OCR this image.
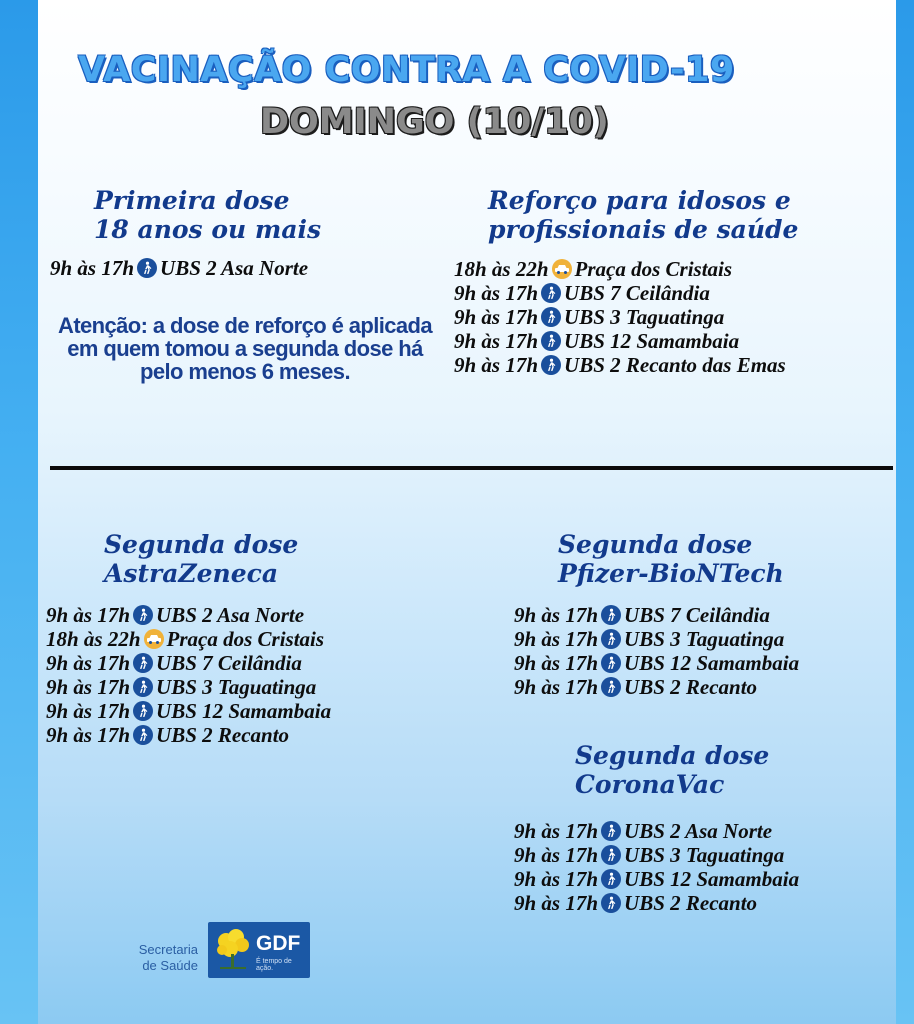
VACINAÇÃO CONTRA A COVID-19
DOMINGO (10/10)
Primeira dose
18 anos ou mais
9h às 17h UBS 2 Asa Norte
Atenção: a dose de reforço é aplicada em quem tomou a segunda dose há pelo menos 6 meses.
Reforço para idosos e
profissionais de saúde
18h às 22h Praça dos Cristais
9h às 17h UBS 7 Ceilândia
9h às 17h UBS 3 Taguatinga
9h às 17h UBS 12 Samambaia
9h às 17h UBS 2 Recanto das Emas
Segunda dose
AstraZeneca
9h às 17h UBS 2 Asa Norte
18h às 22h Praça dos Cristais
9h às 17h UBS 7 Ceilândia
9h às 17h UBS 3 Taguatinga
9h às 17h UBS 12 Samambaia
9h às 17h UBS 2 Recanto
Segunda dose
Pfizer-BioNTech
9h às 17h UBS 7 Ceilândia
9h às 17h UBS 3 Taguatinga
9h às 17h UBS 12 Samambaia
9h às 17h UBS 2 Recanto
Segunda dose
CoronaVac
9h às 17h UBS 2 Asa Norte
9h às 17h UBS 3 Taguatinga
9h às 17h UBS 12 Samambaia
9h às 17h UBS 2 Recanto
Secretaria
de Saúde
GDF
É tempo de ação.
